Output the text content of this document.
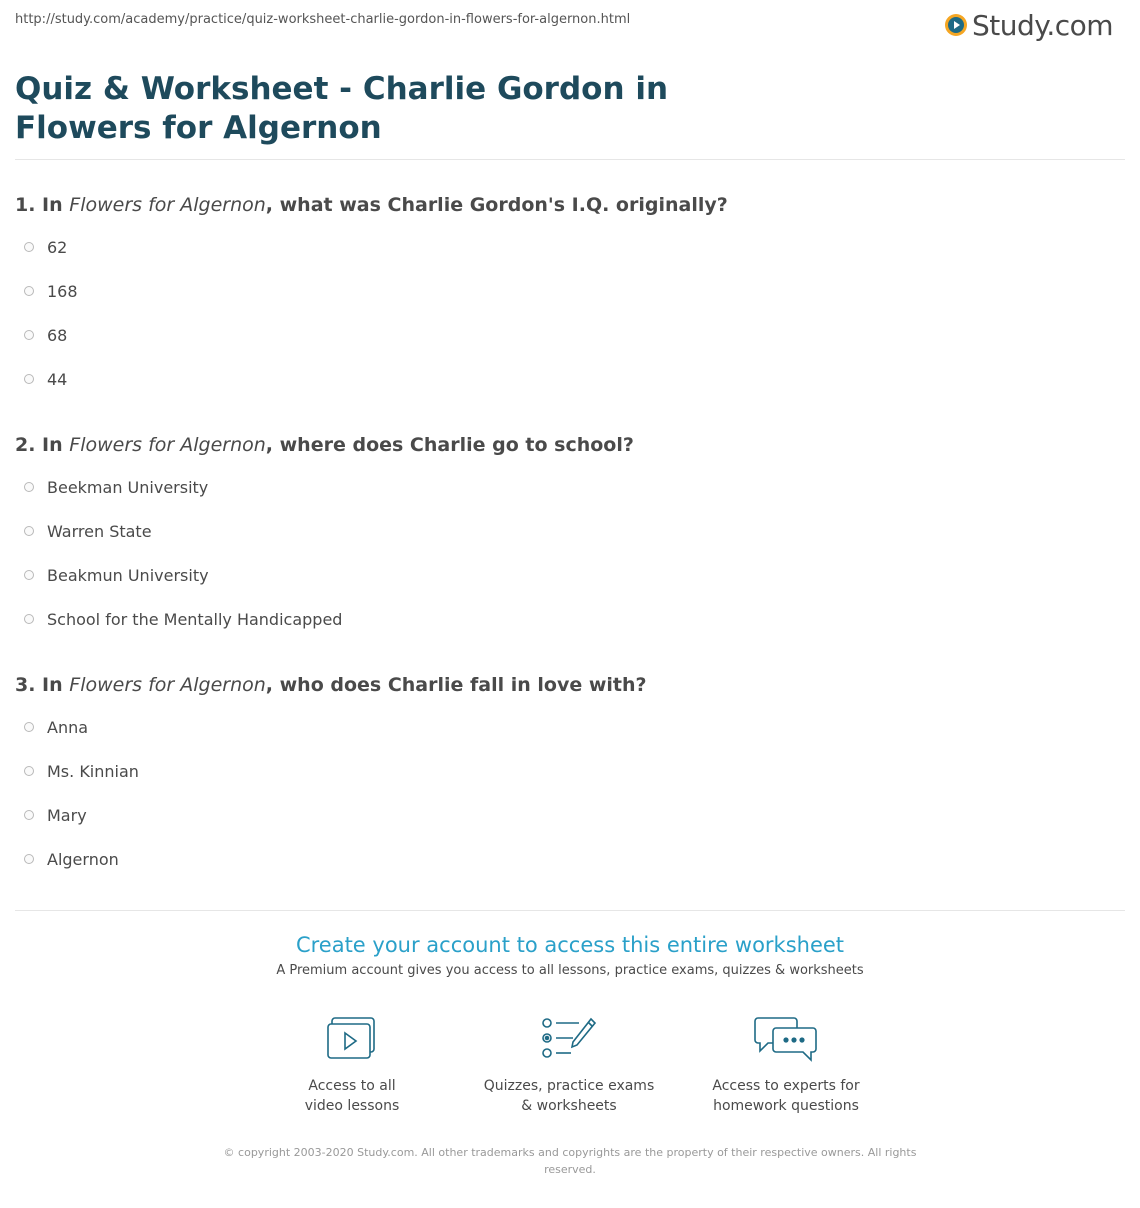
http://study.com/academy/practice/quiz-worksheet-charlie-gordon-in-flowers-for-algernon.html	Study.com
Quiz & Worksheet - Charlie Gordon in Flowers for Algernon

1. In Flowers for Algernon, what was Charlie Gordon's I.Q. originally?

62
168
68
44

2. In Flowers for Algernon, where does Charlie go to school?

Beekman University
Warren State
Beakmun University
School for the Mentally Handicapped

3. In Flowers for Algernon, who does Charlie fall in love with?

Anna
Ms. Kinnian
Mary
Algernon
Create your account to access this entire worksheet
A Premium account gives you access to all lessons, practice exams, quizzes & worksheets
Access to all
video lessons
Quizzes, practice exams
& worksheets
Access to experts for
homework questions
© copyright 2003-2020 Study.com. All other trademarks and copyrights are the property of their respective owners. All rights
reserved.
